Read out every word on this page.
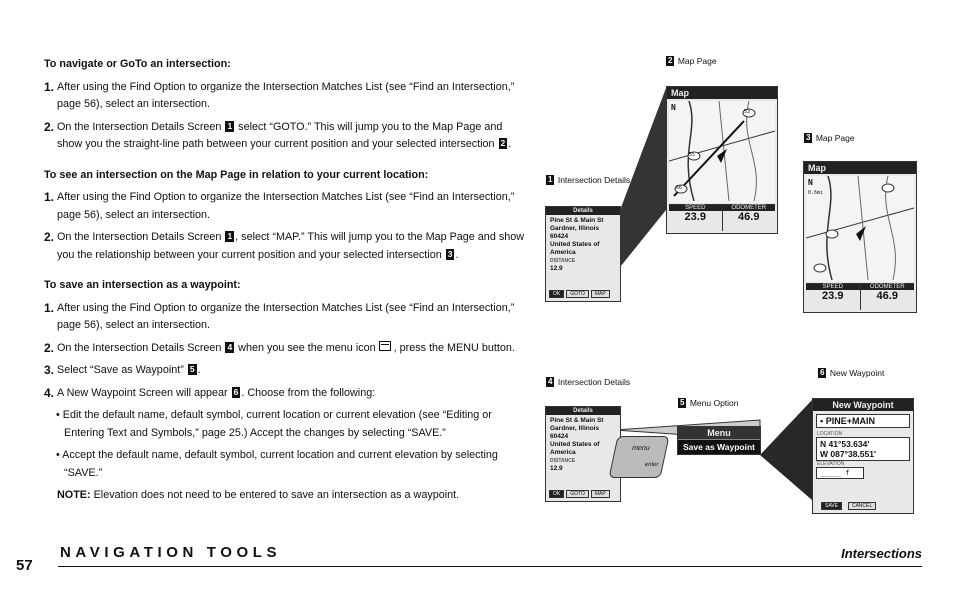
To navigate or GoTo an intersection:

1. After using the Find Option to organize the Intersection Matches List (see “Find an Intersection,” page 56), select an intersection.

2. On the Intersection Details Screen 1 select “GOTO.” This will jump you to the Map Page and show you the straight-line path between your current position and your selected intersection 2 .

To see an intersection on the Map Page in relation to your current location:

1. After using the Find Option to organize the Intersection Matches List (see “Find an Intersection,” page 56), select an intersection.

2. On the Intersection Details Screen 1 , select “MAP.” This will jump you to the Map Page and show you the relationship between your current position and your selected intersection 3 .

To save an intersection as a waypoint:

1. After using the Find Option to organize the Intersection Matches List (see “Find an Intersection,” page 56), select an intersection.

2. On the Intersection Details Screen 4 when you see the menu icon , press the MENU button.

3. Select “Save as Waypoint” 5 .

4. A New Waypoint Screen will appear 6 . Choose from the following:

• Edit the default name, default symbol, current location or current elevation (see “Editing or Entering Text and Symbols,” page 25.) Accept the changes by selecting “SAVE.”

• Accept the default name, default symbol, current location and current elevation by selecting “SAVE.”

NOTE: Elevation does not need to be entered to save an intersection as a waypoint.

2 Map Page
3 Map Page
1 Intersection Details
4 Intersection Details
5 Menu Option
6 New Waypoint
Map
N	53
55
66
SPEED
23.9
ODOMETER
46.9
Map
N
0.6mi
SPEED
23.9
ODOMETER
46.9
Details
Pine St & Main St
Gardner, Illinois
60424
United States of
America
DISTANCE
12.9
OK	GOTO	MAP
Details
Pine St & Main St
Gardner, Illinois
60424
United States of
America
DISTANCE
12.9
OK	GOTO	MAP
menu
enter
Menu
Save as Waypoint
New Waypoint
▪ PINE+MAIN
LOCATION
N 41°53.634'
W 087°38.551'
ELEVATION
_____ f
SAVE	CANCEL
NAVIGATION TOOLS	Intersections
57
